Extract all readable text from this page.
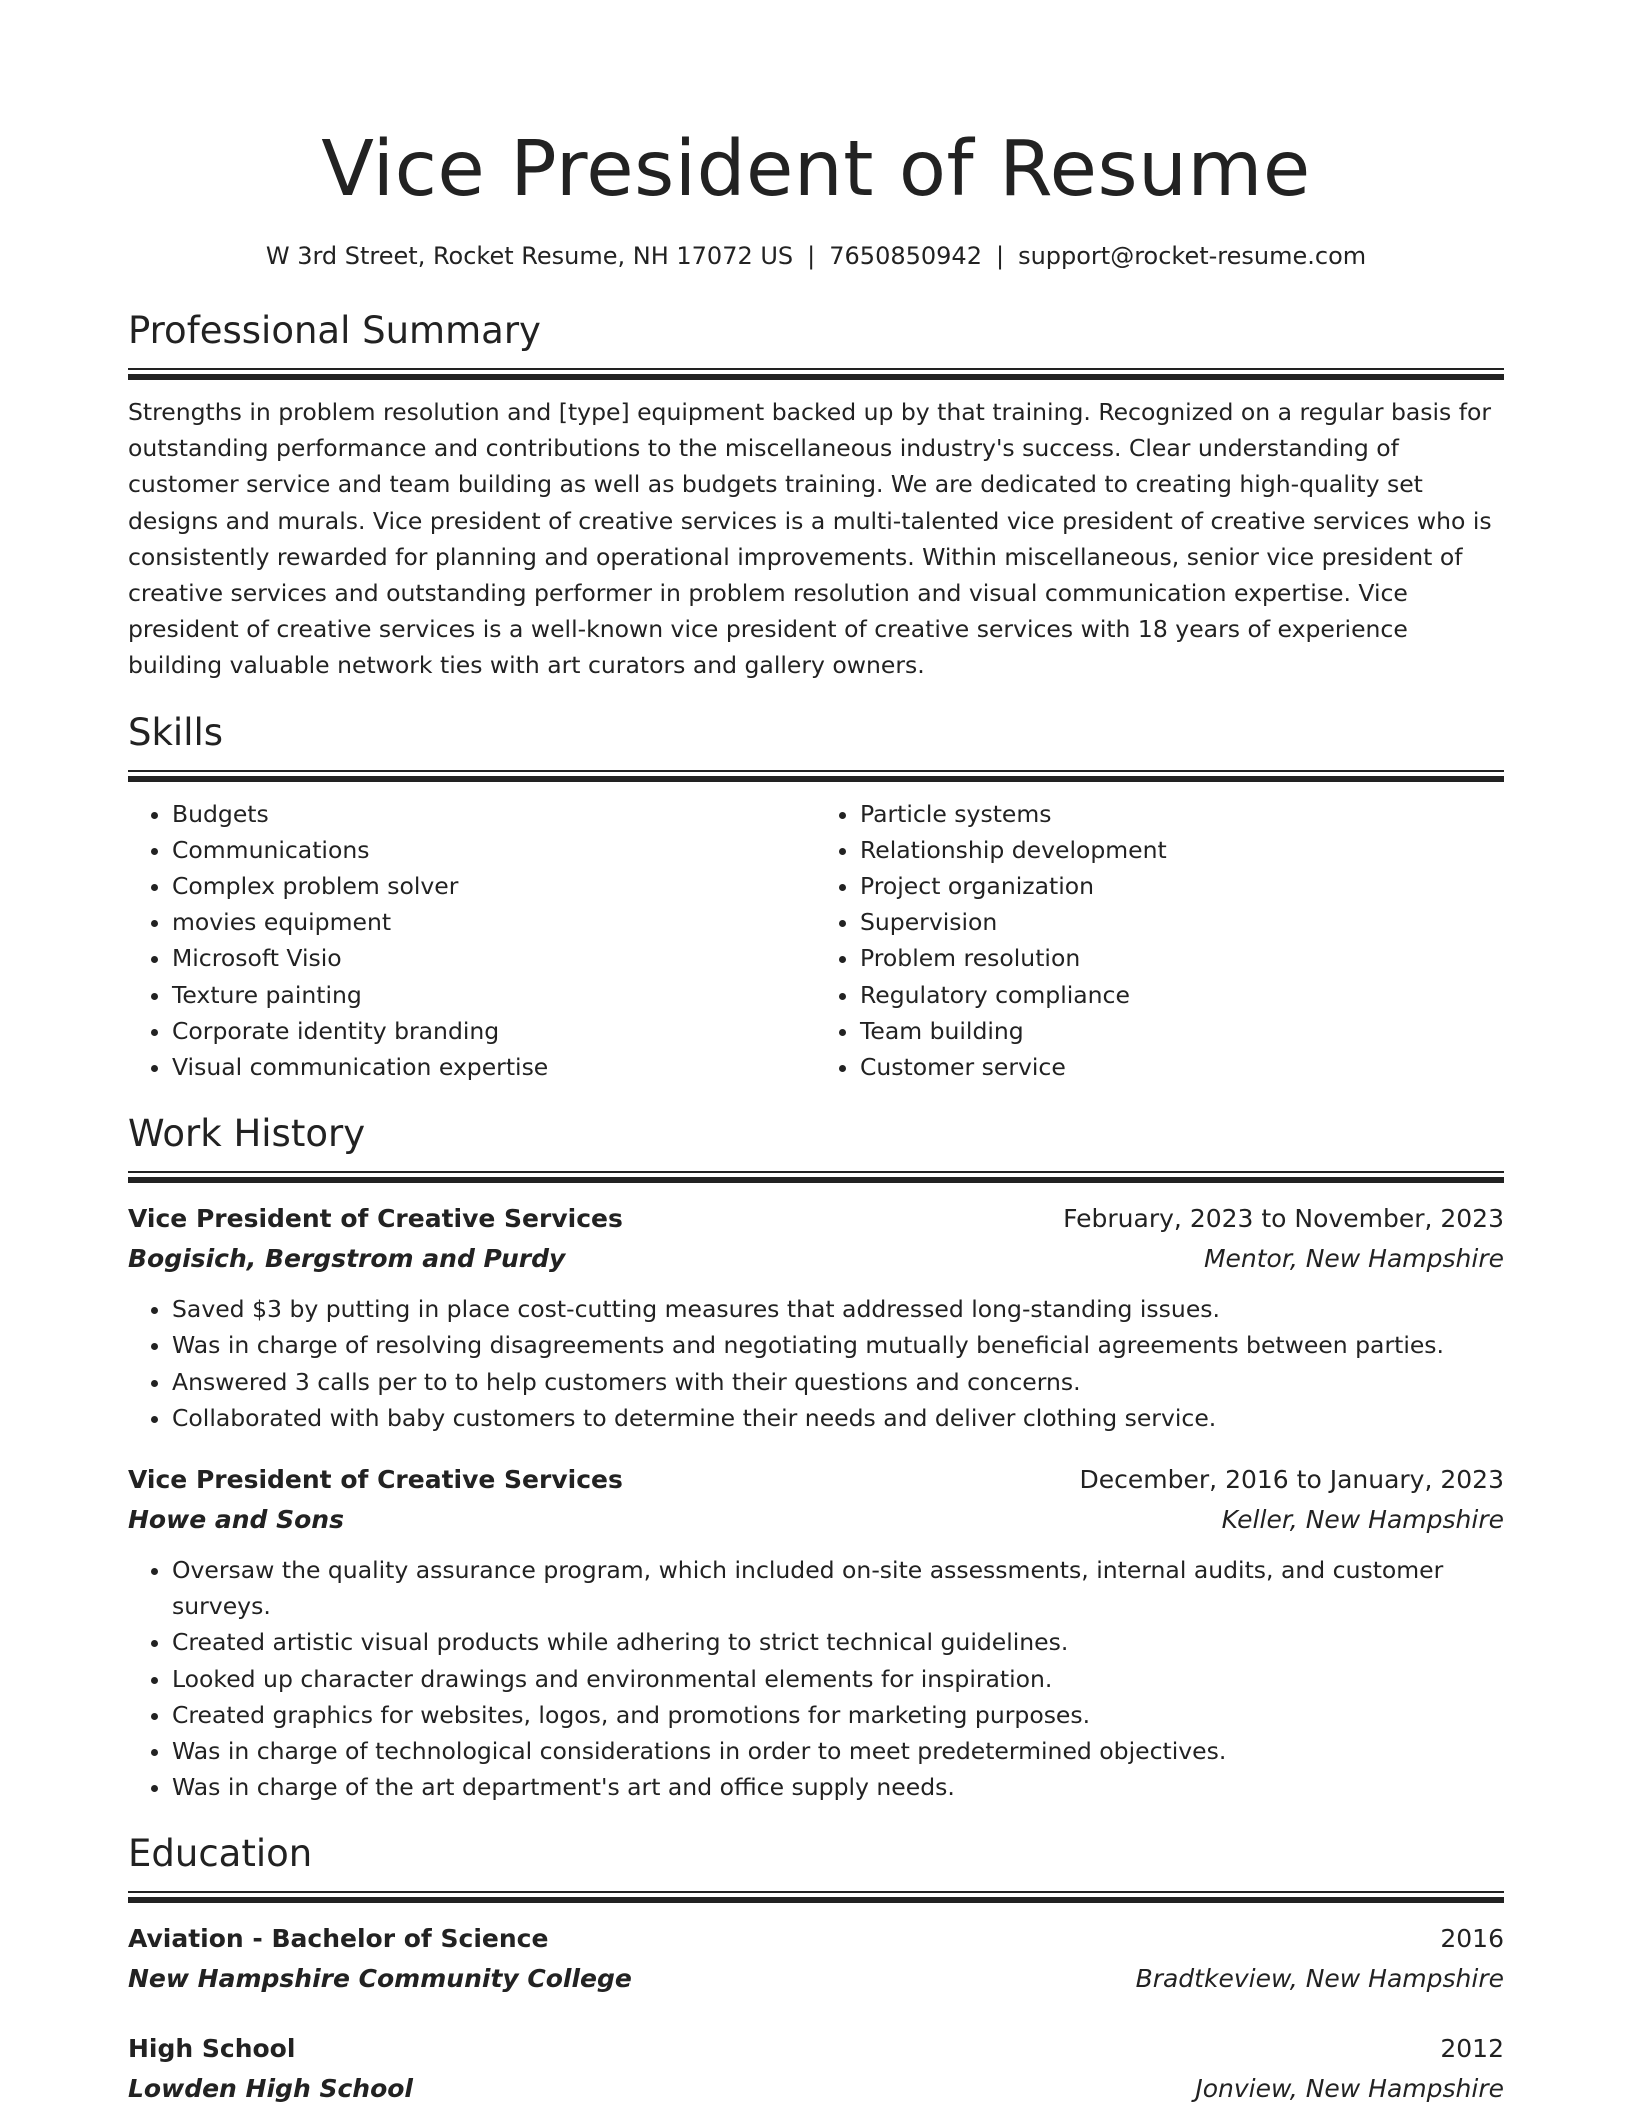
Vice President of Resume
W 3rd Street, Rocket Resume, NH 17072 US | 7650850942 | support@rocket-resume.com
Professional Summary
Strengths in problem resolution and [type] equipment backed up by that training. Recognized on a regular basis for outstanding performance and contributions to the miscellaneous industry's success. Clear understanding of customer service and team building as well as budgets training. We are dedicated to creating high-quality set designs and murals. Vice president of creative services is a multi-talented vice president of creative services who is consistently rewarded for planning and operational improvements. Within miscellaneous, senior vice president of creative services and outstanding performer in problem resolution and visual communication expertise. Vice president of creative services is a well-known vice president of creative services with 18 years of experience building valuable network ties with art curators and gallery owners.
Skills
• Budgets
• Communications
• Complex problem solver
• movies equipment
• Microsoft Visio
• Texture painting
• Corporate identity branding
• Visual communication expertise
• Particle systems
• Relationship development
• Project organization
• Supervision
• Problem resolution
• Regulatory compliance
• Team building
• Customer service
Work History
Vice President of Creative Services	February, 2023 to November, 2023
Bogisich, Bergstrom and Purdy	Mentor, New Hampshire
• Saved $3 by putting in place cost-cutting measures that addressed long-standing issues.
• Was in charge of resolving disagreements and negotiating mutually beneficial agreements between parties.
• Answered 3 calls per to to help customers with their questions and concerns.
• Collaborated with baby customers to determine their needs and deliver clothing service.
Vice President of Creative Services	December, 2016 to January, 2023
Howe and Sons	Keller, New Hampshire
• Oversaw the quality assurance program, which included on-site assessments, internal audits, and customer surveys.
• Created artistic visual products while adhering to strict technical guidelines.
• Looked up character drawings and environmental elements for inspiration.
• Created graphics for websites, logos, and promotions for marketing purposes.
• Was in charge of technological considerations in order to meet predetermined objectives.
• Was in charge of the art department's art and office supply needs.
Education
Aviation - Bachelor of Science	2016
New Hampshire Community College	Bradtkeview, New Hampshire
High School	2012
Lowden High School	Jonview, New Hampshire
